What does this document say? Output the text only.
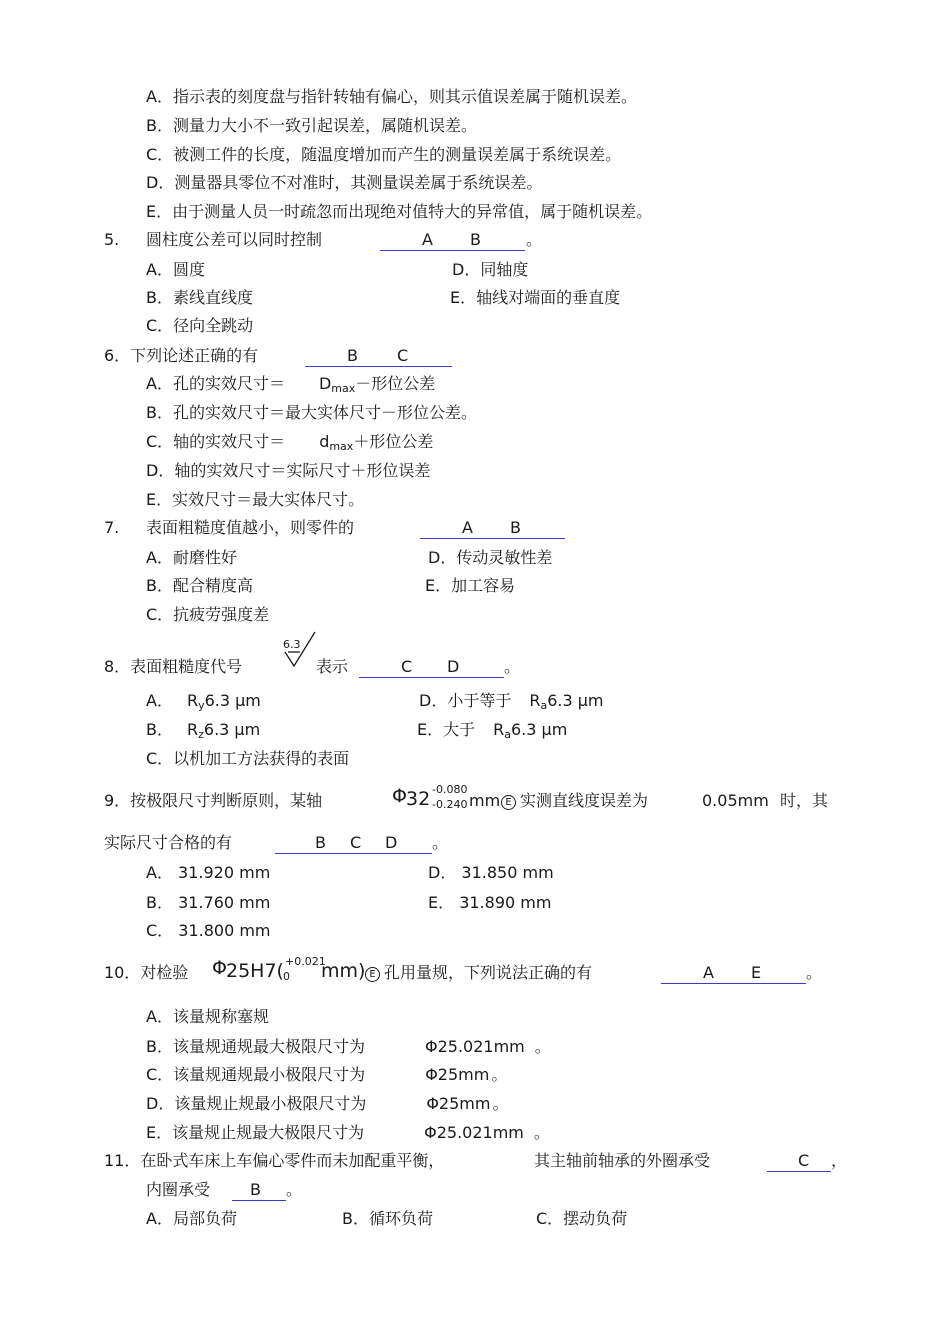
A．指示表的刻度盘与指针转轴有偏心，则其示值误差属于随机误差。
B．测量力大小不一致引起误差，属随机误差。
C．被测工件的长度，随温度增加而产生的测量误差属于系统误差。
D．测量器具零位不对准时，其测量误差属于系统误差。
E．由于测量人员一时疏忽而出现绝对值特大的异常值，属于随机误差。
5. 圆柱度公差可以同时控制	A B	。
A．圆度	D．同轴度
B．素线直线度	E．轴线对端面的垂直度
C．径向全跳动
6．下列论述正确的有	B C
A．孔的实效尺寸＝ $D_{max}-$形位公差
B．孔的实效尺寸＝最大实体尺寸－形位公差。
C．轴的实效尺寸＝ $d_{max}+$形位公差
D．轴的实效尺寸＝实际尺寸＋形位误差
E．实效尺寸＝最大实体尺寸。
7. 表面粗糙度值越小，则零件的	A B
A．耐磨性好	D．传动灵敏性差
B．配合精度高	E．加工容易
C．抗疲劳强度差
8．表面粗糙度代号
6.3
表示	C D	。
A． $R_y6.3$ μm	D．小于等于 $R_a6.3$ μm
B． $R_z6.3$ μm	E．大于 $R_a6.3$ μm
C．以机加工方法获得的表面
9．按极限尺寸判断原则，某轴	Φ 32 -0.080
-0.240 mm E 实测直线度误差为	0.05mm 时，其
实际尺寸合格的有	B C D 。
A． 31.920 mm	D． 31.850 mm
B． 31.760 mm	E． 31.890 mm
C． 31.800 mm
10．对检验 Φ 25H7( +0.021
0 mm) E 孔用量规，下列说法正确的有	A E	。
A．该量规称塞规
B．该量规通规最大极限尺寸为	Φ25.021mm 。
C．该量规通规最小极限尺寸为	Φ25mm 。
D．该量规止规最小极限尺寸为	Φ25mm 。
E．该量规止规最大极限尺寸为	Φ25.021mm 。
11．在卧式车床上车偏心零件而未加配重平衡，	其主轴前轴承的外圈承受	C ，
内圈承受 B 。
A．局部负荷	B．循环负荷	C．摆动负荷
